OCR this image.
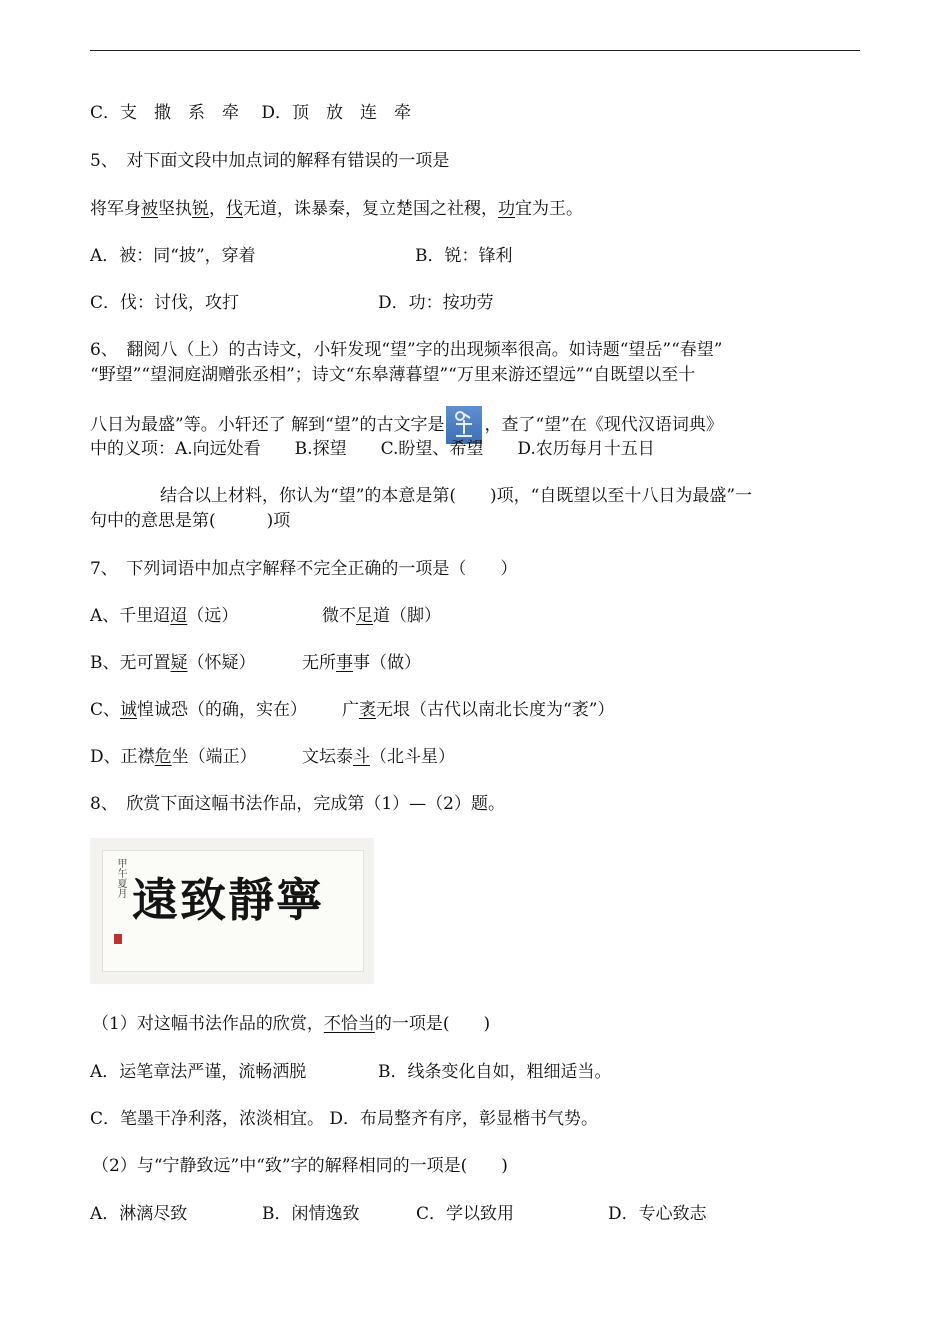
C．支　撒　系　牵　 D．顶　放　连　牵
5、　对下面文段中加点词的解释有错误的一项是
将军身被坚执锐，伐无道，诛暴秦，复立楚国之社稷，功宜为王。
A．被：同“披”，穿着	B．锐：锋利
C．伐：讨伐，攻打	D．功：按功劳
6、　翻阅八（上）的古诗文，小轩发现“望”字的出现频率很高。如诗题“望岳”“春望”
“野望”“望洞庭湖赠张丞相”；诗文“东皋薄暮望”“万里来游还望远”“自既望以至十
八日为最盛”等。小轩还了 解到“望”的古文字是 ，查了“望”在《现代汉语词典》
中的义项：A.向远处看　　B.探望　　C.盼望、希望　　D.农历每月十五日
结合以上材料，你认为“望”的本意是第(　　)项，“自既望以至十八日为最盛”一
句中的意思是第(　　　)项
7、　下列词语中加点字解释不完全正确的一项是（　　）
A、千里迢迢（远）	微不足道（脚）
B、无可置疑（怀疑）	无所事事（做）
C、诚惶诚恐（的确，实在） 广袤无垠（古代以南北长度为“袤”）
D、正襟危坐（端正）	文坛泰斗（北斗星）
8、　欣赏下面这幅书法作品，完成第（1）—（2）题。
甲午夏月 遠致靜寧
（1）对这幅书法作品的欣赏，不恰当的一项是(　　)
A．运笔章法严谨，流畅洒脱	B．线条变化自如，粗细适当。
C．笔墨干净利落，浓淡相宜。 D．布局整齐有序，彰显楷书气势。
（2）与“宁静致远”中“致”字的解释相同的一项是(　　)
A．淋漓尽致	B．闲情逸致	C．学以致用	D．专心致志
